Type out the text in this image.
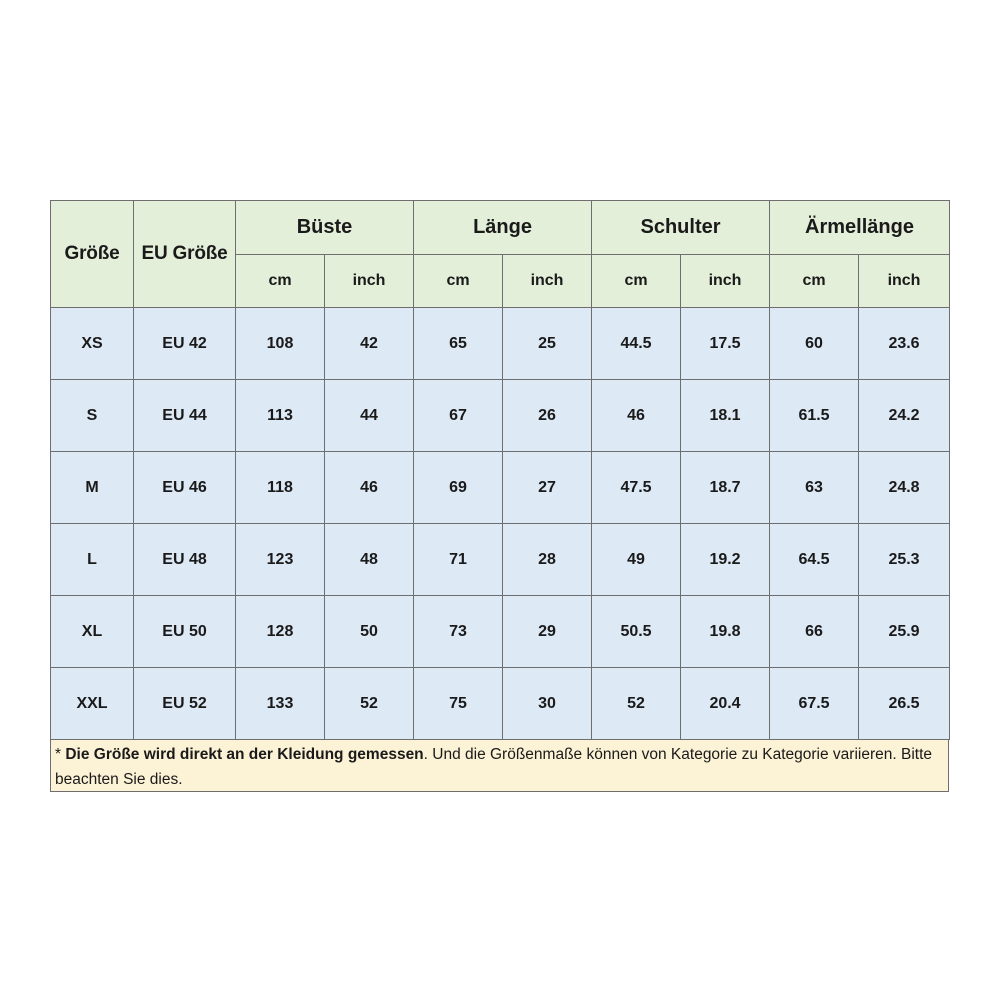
Größe	EU Größe	Büste		Länge		Schulter		Ärmellänge	
		cm	inch	cm	inch	cm	inch	cm	inch
XS	EU 42	108	42	65	25	44.5	17.5	60	23.6
S	EU 44	113	44	67	26	46	18.1	61.5	24.2
M	EU 46	118	46	69	27	47.5	18.7	63	24.8
L	EU 48	123	48	71	28	49	19.2	64.5	25.3
XL	EU 50	128	50	73	29	50.5	19.8	66	25.9
XXL	EU 52	133	52	75	30	52	20.4	67.5	26.5
* Die Größe wird direkt an der Kleidung gemessen. Und die Größenmaße können von Kategorie zu Kategorie variieren. Bitte beachten Sie dies.
